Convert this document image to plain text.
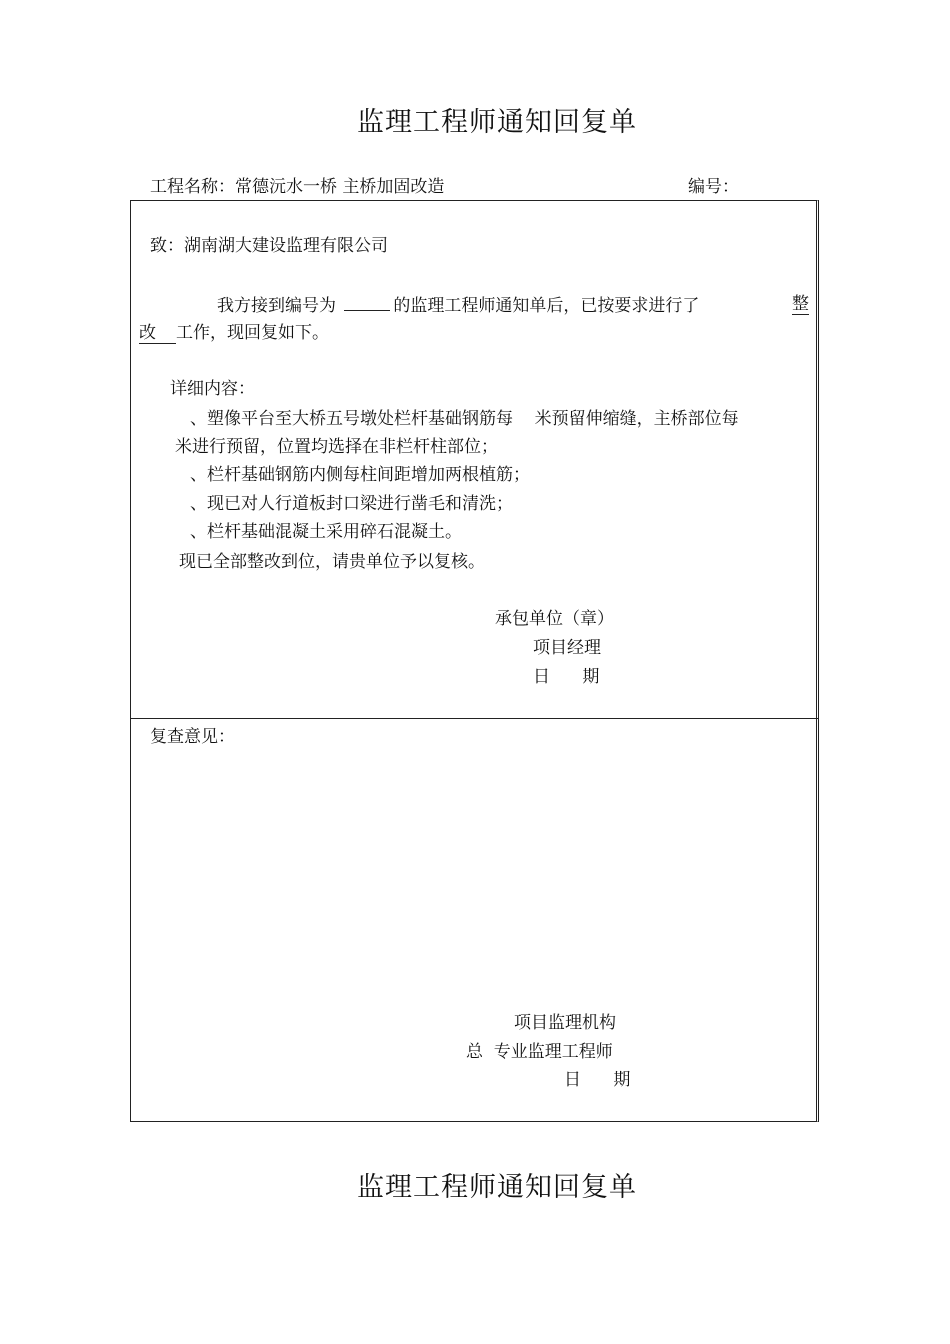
监理工程师通知回复单
工程名称：常德沅水一桥 主桥加固改造	编号：
致：湖南湖大建设监理有限公司
我方接到编号为	的监理工程师通知单后，已按要求进行了	整
改 工作，现回复如下。
详细内容：
、塑像平台至大桥五号墩处栏杆基础钢筋每    米预留伸缩缝，主桥部位每
米进行预留，位置均选择在非栏杆柱部位；
、栏杆基础钢筋内侧每柱间距增加两根植筋；
、现已对人行道板封口梁进行凿毛和清洗；
、栏杆基础混凝土采用碎石混凝土。
现已全部整改到位，请贵单位予以复核。
承包单位（章）
项目经理
日      期
复查意见：
项目监理机构
总  专业监理工程师
日      期
监理工程师通知回复单
